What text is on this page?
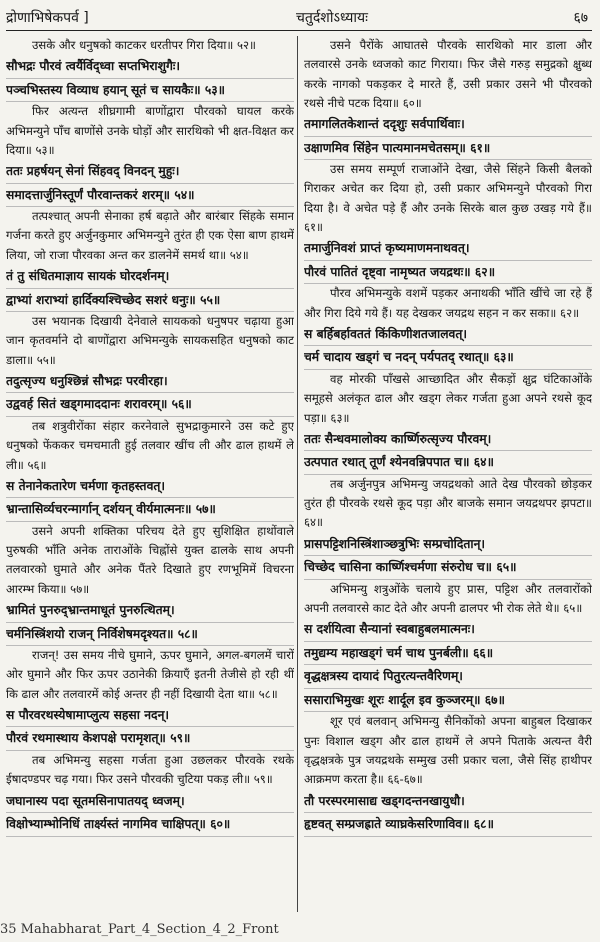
द्रोणाभिषेकपर्व ]	चतुर्दशोऽध्यायः	६७

उसके और धनुषको काटकर धरतीपर गिरा दिया॥ ५२॥

सौभद्रः पौरवं त्वर्यैर्विद्ध्वा सप्तभिराशुगैः।

पञ्चभिस्तस्य विव्याध हयान् सूतं च सायकैः॥ ५३॥

फिर अत्यन्त शीघ्रगामी बाणोंद्वारा पौरवको घायल करके अभिमन्युने पाँच बाणोंसे उनके घोड़ों और सारथिको भी क्षत-विक्षत कर दिया॥ ५३॥

ततः प्रहर्षयन् सेनां सिंहवद् विनदन् मुहुः।

समादत्तार्जुनिस्तूर्णं पौरवान्तकरं शरम्॥ ५४॥

तत्पश्चात् अपनी सेनाका हर्ष बढ़ाते और बारंबार सिंहके समान गर्जना करते हुए अर्जुनकुमार अभिमन्युने तुरंत ही एक ऐसा बाण हाथमें लिया, जो राजा पौरवका अन्त कर डालनेमें समर्थ था॥ ५४॥

तं तु संधितमाज्ञाय सायकं घोरदर्शनम्।

द्वाभ्यां शराभ्यां हार्दिक्यश्चिच्छेद सशरं धनुः॥ ५५॥

उस भयानक दिखायी देनेवाले सायकको धनुषपर चढ़ाया हुआ जान कृतवर्माने दो बाणोंद्वारा अभिमन्युके सायकसहित धनुषको काट डाला॥ ५५॥

तदुत्सृज्य धनुश्छिन्नं सौभद्रः परवीरहा।

उद्ववर्ह सितं खड्गमाददानः शरावरम्॥ ५६॥

तब शत्रुवीरोंका संहार करनेवाले सुभद्राकुमारने उस कटे हुए धनुषको फेंककर चमचमाती हुई तलवार खींच ली और ढाल हाथमें ले ली॥ ५६॥

स तेनानेकतारेण चर्मणा कृतहस्तवत्।

भ्रान्तासिर्व्यचरन्मार्गान् दर्शयन् वीर्यमात्मनः॥ ५७॥

उसने अपनी शक्तिका परिचय देते हुए सुशिक्षित हाथोंवाले पुरुषकी भाँति अनेक ताराओंके चिह्नोंसे युक्त ढालके साथ अपनी तलवारको घुमाते और अनेक पैंतरे दिखाते हुए रणभूमिमें विचरना आरम्भ किया॥ ५७॥

भ्रामितं पुनरुद्भ्रान्तमाधूतं पुनरुत्थितम्।

चर्मनिस्त्रिंशयो राजन् निर्विशेषमदृश्यत॥ ५८॥

राजन्! उस समय नीचे घुमाने, ऊपर घुमाने, अगल-बगलमें चारों ओर घुमाने और फिर ऊपर उठानेकी क्रियाएँ इतनी तेजीसे हो रही थीं कि ढाल और तलवारमें कोई अन्तर ही नहीं दिखायी देता था॥ ५८॥

स पौरवरथस्येषामाप्लुत्य सहसा नदन्।

पौरवं रथमास्थाय केशपक्षे परामृशत्॥ ५९॥

तब अभिमन्यु सहसा गर्जता हुआ उछलकर पौरवके रथके ईषादण्डपर चढ़ गया। फिर उसने पौरवकी चुटिया पकड़ ली॥ ५९॥

जघानास्य पदा सूतमसिनापातयद् ध्वजम्।

विक्षोभ्याम्भोनिधिं तार्क्ष्यस्तं नागमिव चाक्षिपत्॥ ६०॥

उसने पैरोंके आघातसे पौरवके सारथिको मार डाला और तलवारसे उनके ध्वजको काट गिराया। फिर जैसे गरुड़ समुद्रको क्षुब्ध करके नागको पकड़कर दे मारते हैं, उसी प्रकार उसने भी पौरवको रथसे नीचे पटक दिया॥ ६०॥

तमागलितकेशान्तं ददृशुः सर्वपार्थिवाः।

उक्षाणमिव सिंहेन पात्यमानमचेतसम्॥ ६१॥

उस समय सम्पूर्ण राजाओंने देखा, जैसे सिंहने किसी बैलको गिराकर अचेत कर दिया हो, उसी प्रकार अभिमन्युने पौरवको गिरा दिया है। वे अचेत पड़े हैं और उनके सिरके बाल कुछ उखड़ गये हैं॥ ६१॥

तमार्जुनिवशं प्राप्तं कृष्यमाणमनाथवत्।

पौरवं पातितं दृष्ट्वा नामृष्यत जयद्रथः॥ ६२॥

पौरव अभिमन्युके वशमें पड़कर अनाथकी भाँति खींचे जा रहे हैं और गिरा दिये गये हैं। यह देखकर जयद्रथ सहन न कर सका॥ ६२॥

स बर्हिबर्हावततं किंकिणीशतजालवत्।

चर्म चादाय खड्गं च नदन् पर्यपतद् रथात्॥ ६३॥

वह मोरकी पाँखसे आच्छादित और सैकड़ों क्षुद्र घंटिकाओंके समूहसे अलंकृत ढाल और खड्ग लेकर गर्जता हुआ अपने रथसे कूद पड़ा॥ ६३॥

ततः सैन्धवमालोक्य कार्ष्णिरुत्सृज्य पौरवम्।

उत्पपात रथात् तूर्णं श्येनवन्निपपात च॥ ६४॥

तब अर्जुनपुत्र अभिमन्यु जयद्रथको आते देख पौरवको छोड़कर तुरंत ही पौरवके रथसे कूद पड़ा और बाजके समान जयद्रथपर झपटा॥ ६४॥

प्रासपट्टिशनिस्त्रिंशाञ्छत्रुभिः सम्प्रचोदितान्।

चिच्छेद चासिना कार्ष्णिश्चर्मणा संरुरोध च॥ ६५॥

अभिमन्यु शत्रुओंके चलाये हुए प्रास, पट्टिश और तलवारोंको अपनी तलवारसे काट देते और अपनी ढालपर भी रोक लेते थे॥ ६५॥

स दर्शयित्वा सैन्यानां स्वबाहुबलमात्मनः।

तमुद्यम्य महाखड्गं चर्म चाथ पुनर्बली॥ ६६॥

वृद्धक्षत्रस्य दायादं पितुरत्यन्तवैरिणम्।

ससाराभिमुखः शूरः शार्दूल इव कुञ्जरम्॥ ६७॥

शूर एवं बलवान् अभिमन्यु सैनिकोंको अपना बाहुबल दिखाकर पुनः विशाल खड्ग और ढाल हाथमें ले अपने पिताके अत्यन्त वैरी वृद्धक्षत्रके पुत्र जयद्रथके सम्मुख उसी प्रकार चला, जैसे सिंह हाथीपर आक्रमण करता है॥ ६६-६७॥

तौ परस्परमासाद्य खड्गदन्तनखायुधौ।

हृष्टवत् सम्प्रजह्राते व्याघ्रकेसरिणाविव॥ ६८॥

35 Mahabharat_Part_4_Section_4_2_Front
